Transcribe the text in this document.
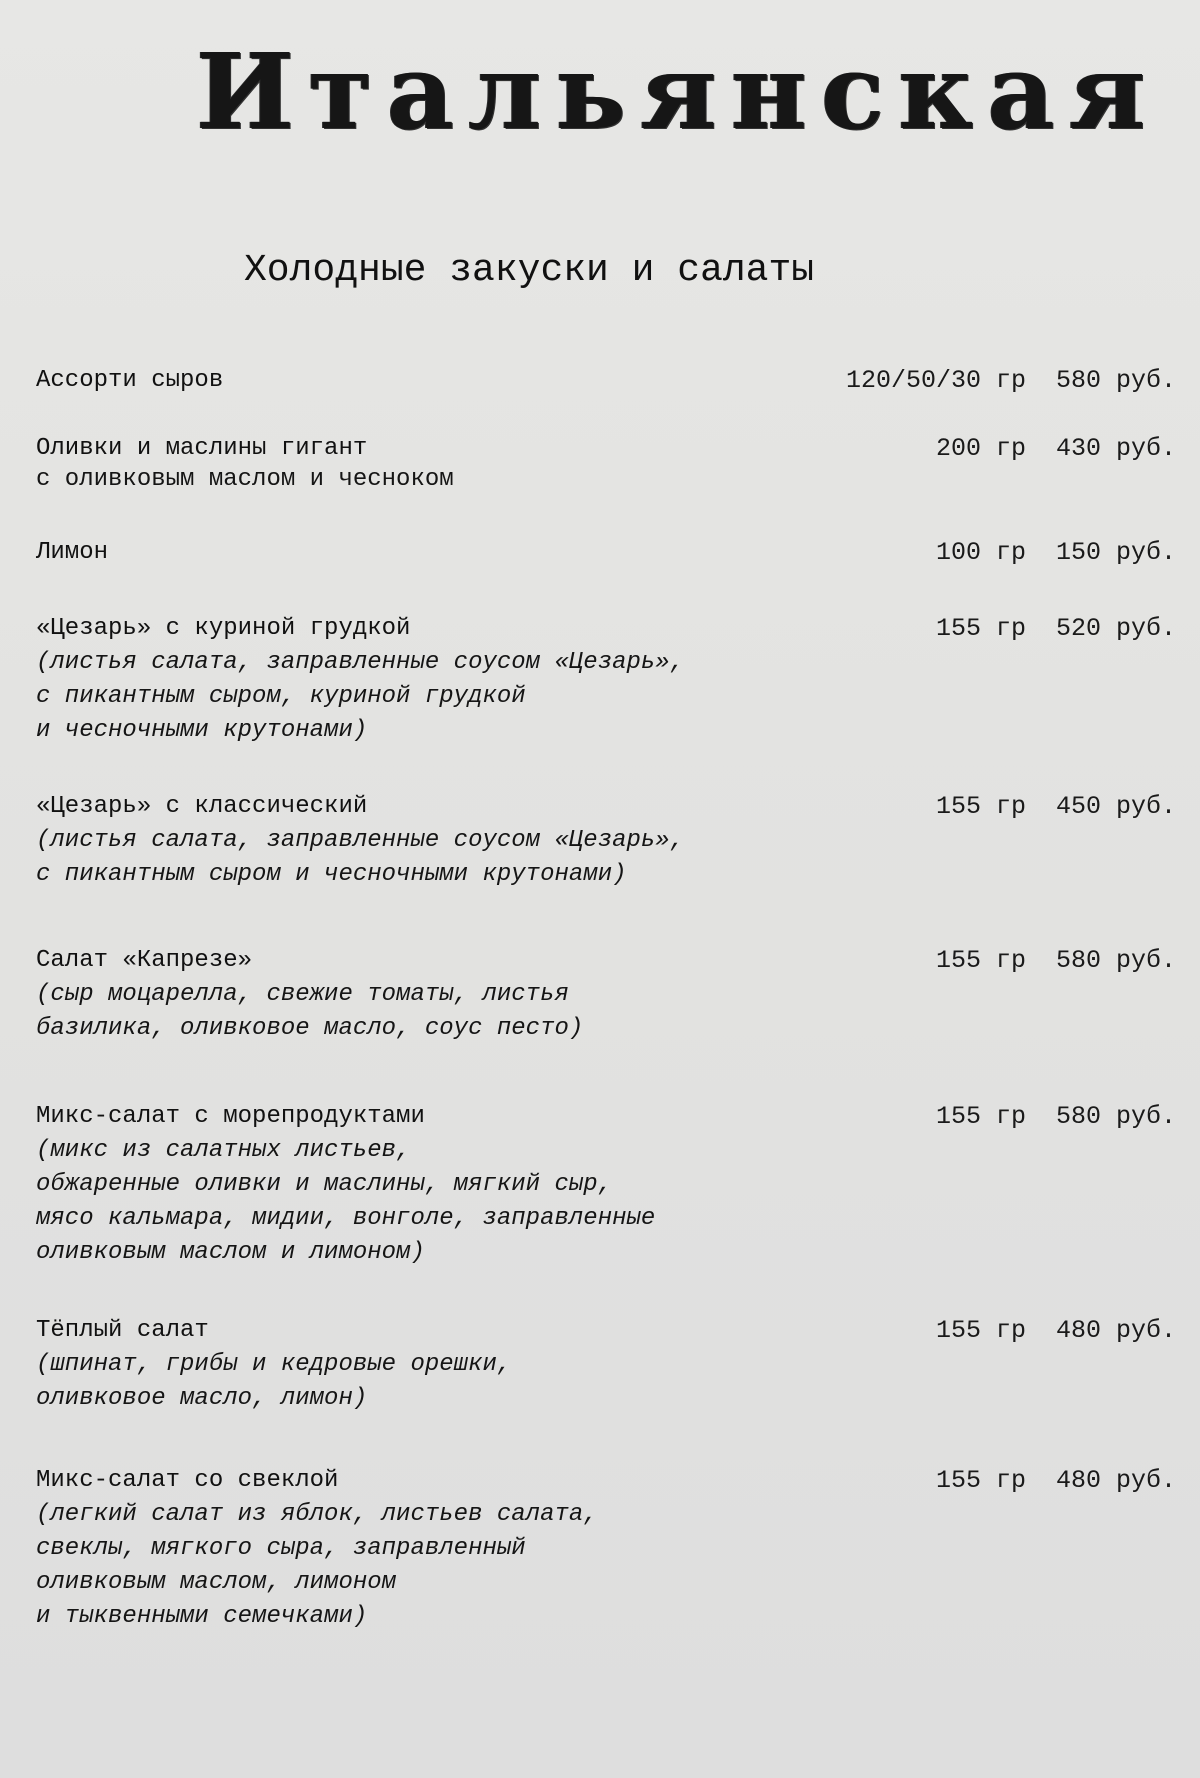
Итальянская
Холодные закуски и салаты
Ассорти сыров	120/50/30 гр 580 руб.
Оливки и маслины гигант
с оливковым маслом и чесноком
200 гр 430 руб.
Лимон	100 гр 150 руб.
«Цезарь» с куриной грудкой
(листья салата, заправленные соусом «Цезарь»,
с пикантным сыром, куриной грудкой
и чесночными крутонами)
155 гр 520 руб.
«Цезарь» с классический
(листья салата, заправленные соусом «Цезарь»,
с пикантным сыром и чесночными крутонами)
155 гр 450 руб.
Салат «Капрезе»
(сыр моцарелла, свежие томаты, листья
базилика, оливковое масло, соус песто)
155 гр 580 руб.
Микс-салат с морепродуктами
(микс из салатных листьев,
обжаренные оливки и маслины, мягкий сыр,
мясо кальмара, мидии, вонголе, заправленные
оливковым маслом и лимоном)
155 гр 580 руб.
Тёплый салат
(шпинат, грибы и кедровые орешки,
оливковое масло, лимон)
155 гр 480 руб.
Микс-салат со свеклой
(легкий салат из яблок, листьев салата,
свеклы, мягкого сыра, заправленный
оливковым маслом, лимоном
и тыквенными семечками)
155 гр 480 руб.
